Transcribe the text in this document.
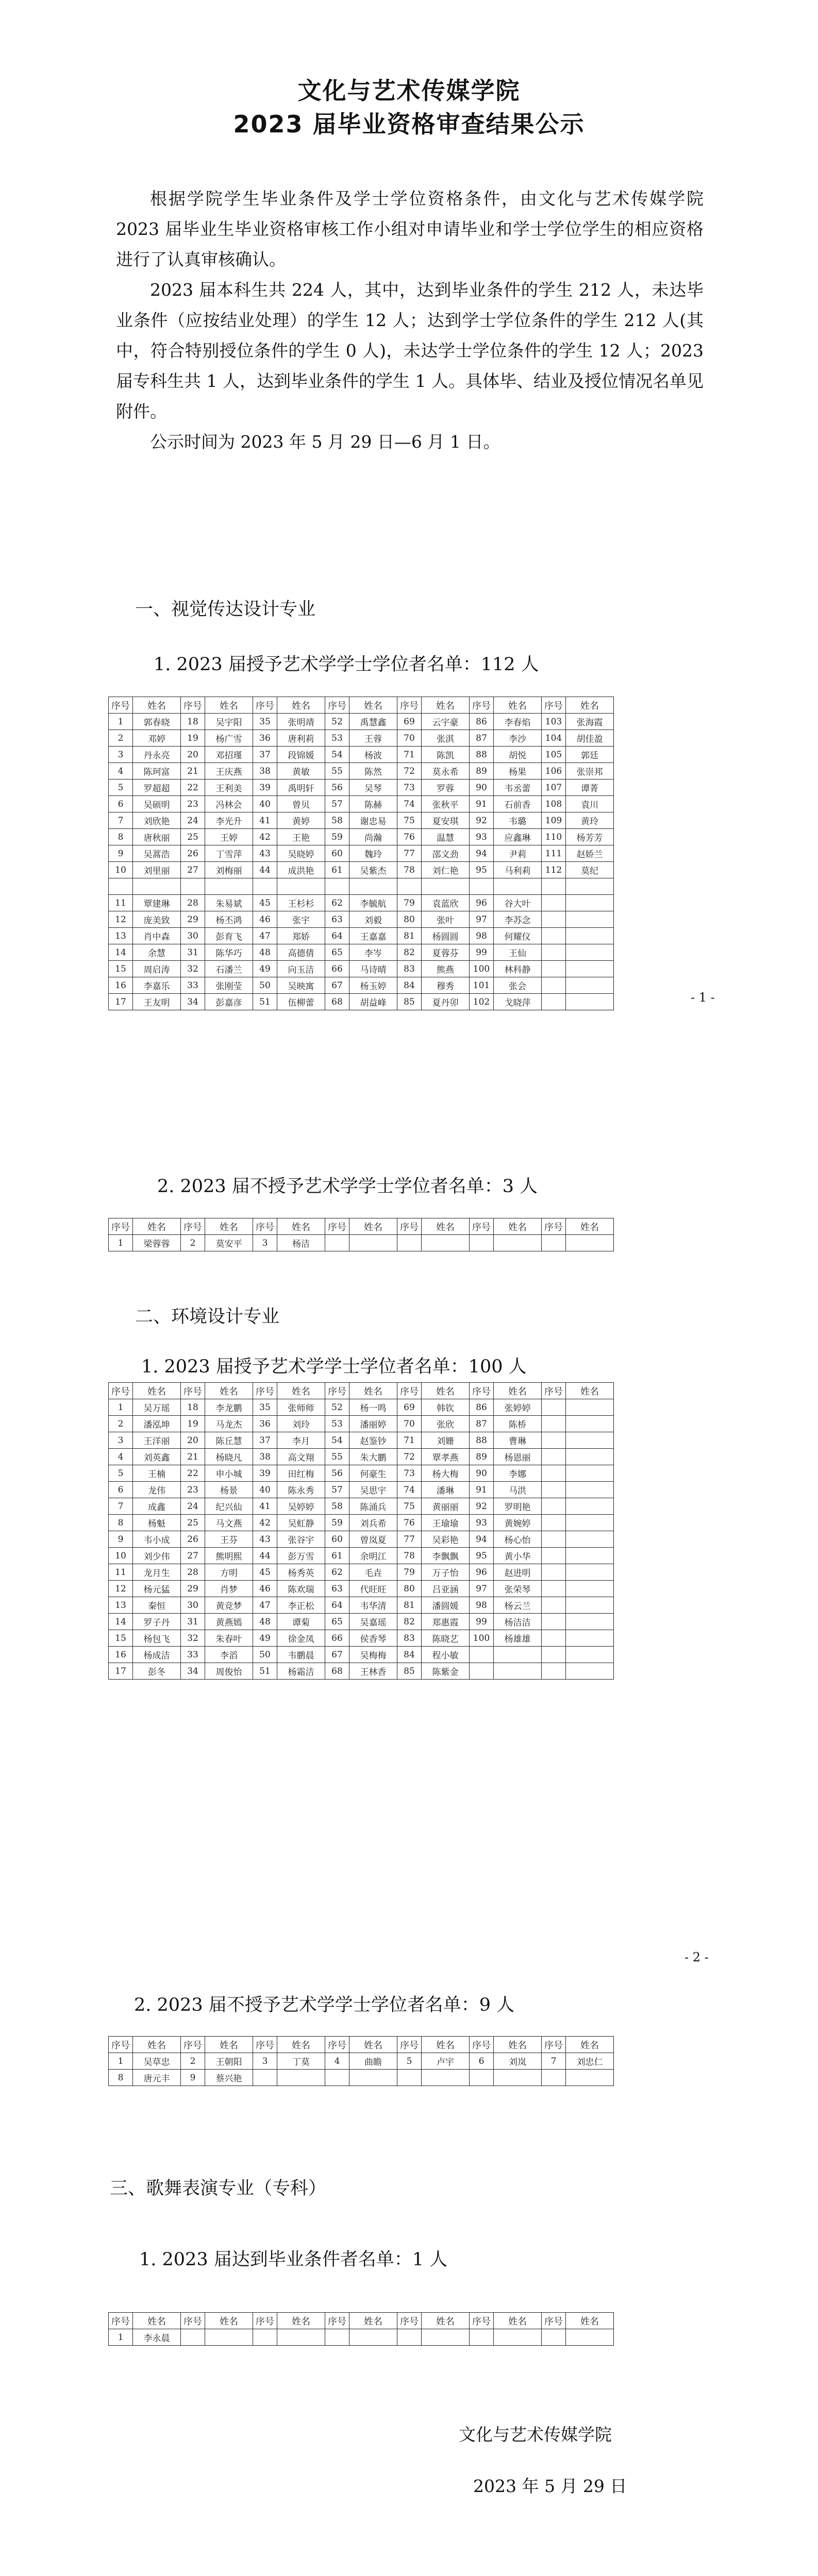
文化与艺术传媒学院
2023 届毕业资格审查结果公示

根据学院学生毕业条件及学士学位资格条件，由文化与艺术传媒学院 2023 届毕业生毕业资格审核工作小组对申请毕业和学士学位学生的相应资格进行了认真审核确认。

2023 届本科生共 224 人，其中，达到毕业条件的学生 212 人，未达毕业条件（应按结业处理）的学生 12 人；达到学士学位条件的学生 212 人(其中，符合特别授位条件的学生 0 人)，未达学士学位条件的学生 12 人；2023 届专科生共 1 人，达到毕业条件的学生 1 人。具体毕、结业及授位情况名单见附件。

公示时间为 2023 年 5 月 29 日—6 月 1 日。

一、视觉传达设计专业
1. 2023 届授予艺术学学士学位者名单：112 人
序号	姓名	序号	姓名	序号	姓名	序号	姓名	序号	姓名	序号	姓名	序号	姓名
1	郭春晓	18	吴宇阳	35	张明靖	52	禹慧鑫	69	云宇豪	86	李春焰	103	张海霞
2	邓婷	19	杨广雪	36	唐利莉	53	王蓉	70	张淇	87	李沙	104	胡佳盈
3	丹永亮	20	邓招瑾	37	段锦媛	54	杨波	71	陈凯	88	胡悦	105	郭廷
4	陈珂富	21	王庆燕	38	黄敏	55	陈然	72	莫永希	89	杨果	106	张崇邦
5	罗超超	22	王利美	39	禹明轩	56	吴琴	73	罗蓉	90	韦丞蕾	107	谭菁
6	吴硕明	23	冯林会	40	曾贝	57	陈赫	74	张秋平	91	石前香	108	袁川
7	刘欣艳	24	李光升	41	黄婷	58	谢忠易	75	夏安琪	92	韦璐	109	黄玲
8	唐秋丽	25	王婷	42	王艳	59	尚瀚	76	温慧	93	应鑫琳	110	杨芳芳
9	吴蒿浩	26	丁雪萍	43	吴晓婷	60	魏玲	77	邵文劲	94	尹莉	111	赵娇兰
10	刘里丽	27	刘梅丽	44	成洪艳	61	吴紫杰	78	刘仁艳	95	马利莉	112	莫纪

11	覃建琳	28	朱易斌	45	王杉杉	62	李毓航	79	袁蓝欣	96	谷大叶		
12	庞美致	29	杨丕鸿	46	张宇	63	刘毅	80	张叶	97	李苏念		
13	肖中森	30	彭育飞	47	郑娇	64	王嘉嘉	81	杨圆圆	98	何耀仪		
14	余慧	31	陈华巧	48	高德倩	65	李岑	82	夏蓉芬	99	王仙		
15	周启涛	32	石潘兰	49	向玉洁	66	马诗晴	83	熊燕	100	林科静		
16	李嘉乐	33	张刚莹	50	吴映寓	67	杨玉婷	84	穆秀	101	张会		
17	王友明	34	彭嘉彦	51	伍柳蕾	68	胡益峰	85	夏丹卯	102	戈晓萍			- 1 -
2. 2023 届不授予艺术学学士学位者名单：3 人
序号	姓名	序号	姓名	序号	姓名	序号	姓名	序号	姓名	序号	姓名	序号	姓名
1	梁蓉蓉	2	莫安平	3	杨洁								
二、环境设计专业
1. 2023 届授予艺术学学士学位者名单：100 人
序号	姓名	序号	姓名	序号	姓名	序号	姓名	序号	姓名	序号	姓名	序号	姓名
1	吴万瑶	18	李龙鹏	35	张师师	52	杨一鸣	69	韩钦	86	张婷婷		
2	潘泓坤	19	马龙杰	36	刘玲	53	潘丽婷	70	张欣	87	陈桥		
3	王洋丽	20	陈丘慧	37	李月	54	赵鉴钞	71	刘姗	88	曹琳		
4	刘英鑫	21	杨晓凡	38	高文翔	55	朱大鹏	72	覃孝燕	89	杨恩丽		
5	王楠	22	申小城	39	田红梅	56	何豪生	73	杨大梅	90	李娜		
6	龙伟	23	杨景	40	陈永秀	57	吴思宇	74	潘琳	91	马洪		
7	成鑫	24	纪兴仙	41	吴婷婷	58	陈涌兵	75	黄丽丽	92	罗明艳		
8	杨魁	25	马文燕	42	吴虹静	59	刘兵希	76	王瑜瑜	93	黄婉婷		
9	韦小成	26	王芬	43	张谷宇	60	曾岚夏	77	吴彩艳	94	杨心怡		
10	刘少伟	27	熊明熙	44	彭万雪	61	余明江	78	李飘飘	95	黄小华		
11	龙月生	28	方明	45	杨秀英	62	毛垚	79	万子怡	96	赵进明		
12	杨元猛	29	肖梦	46	陈欢瑞	63	代旺旺	80	吕亚涵	97	张荣琴		
13	秦恒	30	黄竞梦	47	李正松	64	韦华清	81	潘圆媛	98	杨云兰		
14	罗子丹	31	黄燕嫣	48	谭菊	65	吴嘉瑶	82	郑惠霞	99	杨洁洁		
15	杨包飞	32	朱春叶	49	徐金凤	66	侯香琴	83	陈晓艺	100	杨雄雄		
16	杨成洁	33	李滔	50	韦鹏晨	67	吴梅梅	84	程小敏				
17	彭冬	34	周俊怡	51	杨霜洁	68	王林香	85	陈紫金				
- 2 -
2. 2023 届不授予艺术学学士学位者名单：9 人
序号	姓名	序号	姓名	序号	姓名	序号	姓名	序号	姓名	序号	姓名	序号	姓名
1	吴草忠	2	王朝阳	3	丁莫	4	曲瞻	5	卢宇	6	刘岚	7	刘忠仁
8	唐元丰	9	蔡兴艳										
三、歌舞表演专业（专科）
1. 2023 届达到毕业条件者名单：1 人
序号	姓名	序号	姓名	序号	姓名	序号	姓名	序号	姓名	序号	姓名	序号	姓名
1	李永晨												
文化与艺术传媒学院
2023 年 5 月 29 日
